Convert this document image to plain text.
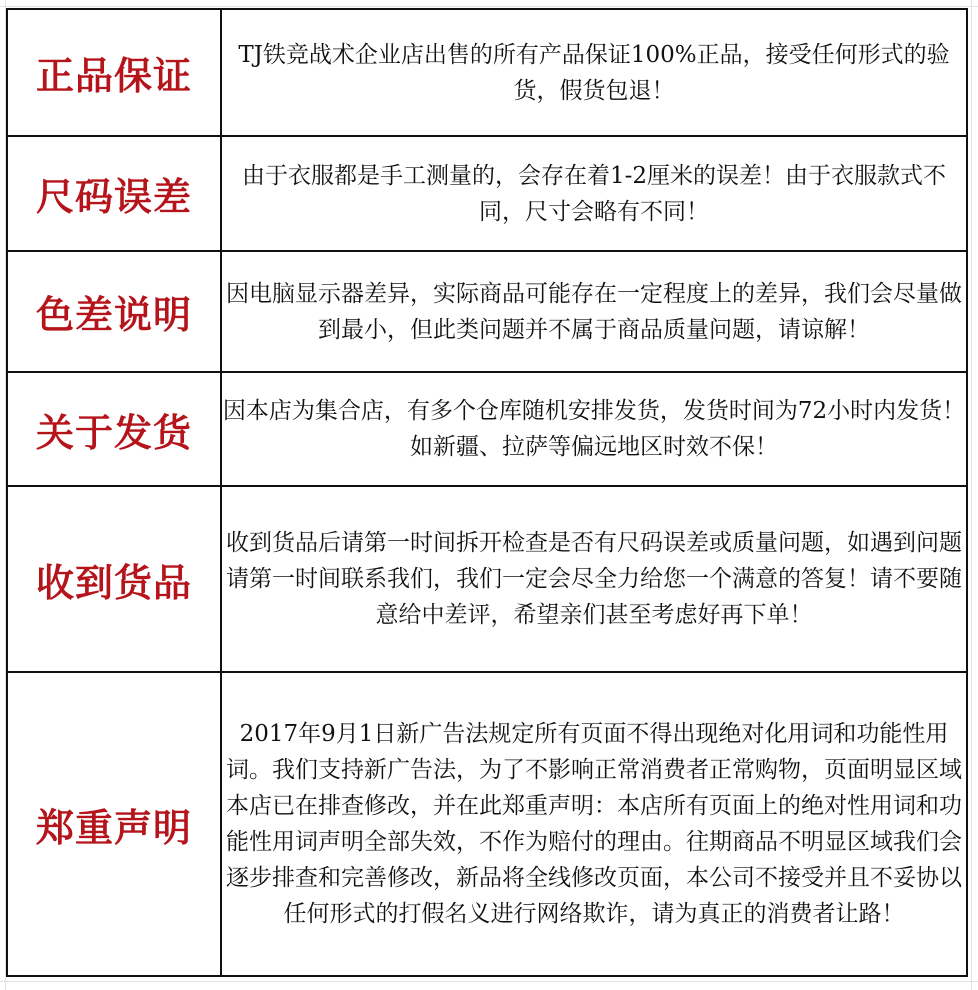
正品保证	TJ铁竞战术企业店出售的所有产品保证100%正品，接受任何形式的验货，假货包退！
尺码误差	由于衣服都是手工测量的，会存在着1-2厘米的误差！由于衣服款式不同，尺寸会略有不同！
色差说明	因电脑显示器差异，实际商品可能存在一定程度上的差异，我们会尽量做到最小，但此类问题并不属于商品质量问题，请谅解！
关于发货	因本店为集合店，有多个仓库随机安排发货，发货时间为72小时内发货！如新疆、拉萨等偏远地区时效不保！
收到货品	收到货品后请第一时间拆开检查是否有尺码误差或质量问题，如遇到问题请第一时间联系我们，我们一定会尽全力给您一个满意的答复！请不要随意给中差评，希望亲们甚至考虑好再下单！
郑重声明	2017年9月1日新广告法规定所有页面不得出现绝对化用词和功能性用词。我们支持新广告法，为了不影响正常消费者正常购物，页面明显区域本店已在排查修改，并在此郑重声明：本店所有页面上的绝对性用词和功能性用词声明全部失效，不作为赔付的理由。往期商品不明显区域我们会逐步排查和完善修改，新品将全线修改页面，本公司不接受并且不妥协以任何形式的打假名义进行网络欺诈，请为真正的消费者让路！
